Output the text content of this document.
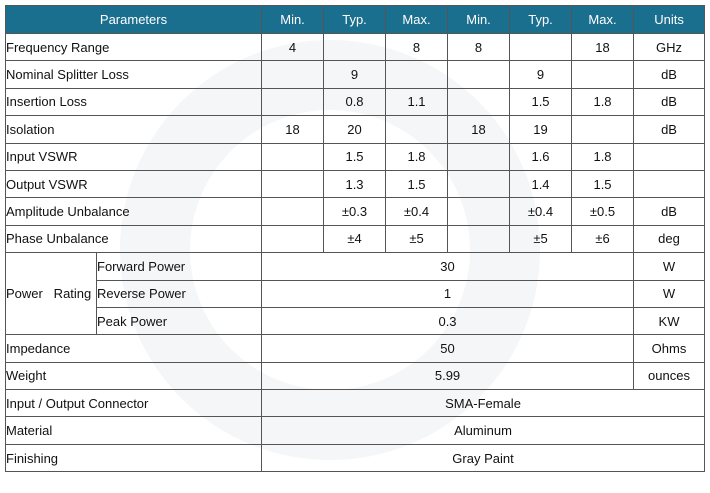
Parameters		Min.	Typ.	Max.	Min.	Typ.	Max.	Units
Frequency Range		4		8	8		18	GHz
Nominal Splitter Loss			9			9		dB
Insertion Loss			0.8	1.1		1.5	1.8	dB
Isolation		18	20		18	19		dB
Input VSWR			1.5	1.8		1.6	1.8	
Output VSWR			1.3	1.5		1.4	1.5	
Amplitude Unbalance			±0.3	±0.4		±0.4	±0.5	dB
Phase Unbalance			±4	±5		±5	±6	deg
Power   Rating	Forward Power	30						W
	Reverse Power	1						W
	Peak Power	0.3						KW
Impedance		50						Ohms
Weight		5.99						ounces
Input / Output Connector		SMA-Female						
Material		Aluminum						
Finishing		Gray Paint						
